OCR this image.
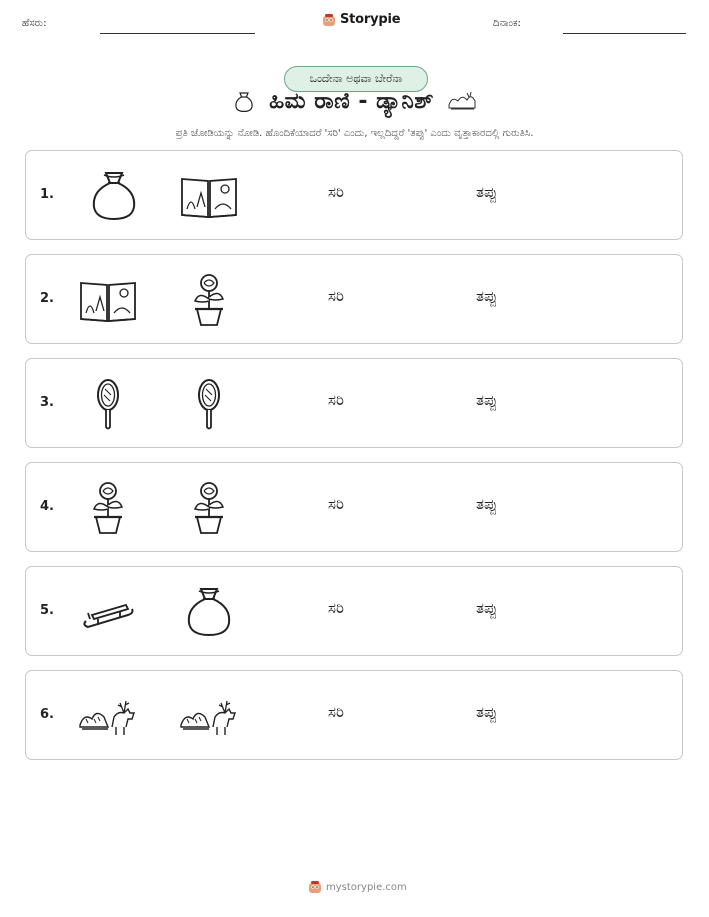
ಹೆಸರು:	Storypie	ದಿನಾಂಕ:
ಒಂದೇನಾ ಅಥವಾ ಬೇರೆನಾ
ಹಿಮ ರಾಣಿ - ಡ್ಯಾನಿಶ್
ಪ್ರತಿ ಜೋಡಿಯನ್ನು ನೋಡಿ. ಹೊಂದಿಕೆಯಾದರೆ 'ಸರಿ' ಎಂದು, ಇಲ್ಲದಿದ್ದರೆ 'ತಪ್ಪು' ಎಂದು ವೃತ್ತಾಕಾರದಲ್ಲಿ ಗುರುತಿಸಿ.
1.	ಸರಿ	ತಪ್ಪು
2.	ಸರಿ	ತಪ್ಪು
3.	ಸರಿ	ತಪ್ಪು
4.	ಸರಿ	ತಪ್ಪು
5.	ಸರಿ	ತಪ್ಪು
6.	ಸರಿ	ತಪ್ಪು
mystorypie.com
